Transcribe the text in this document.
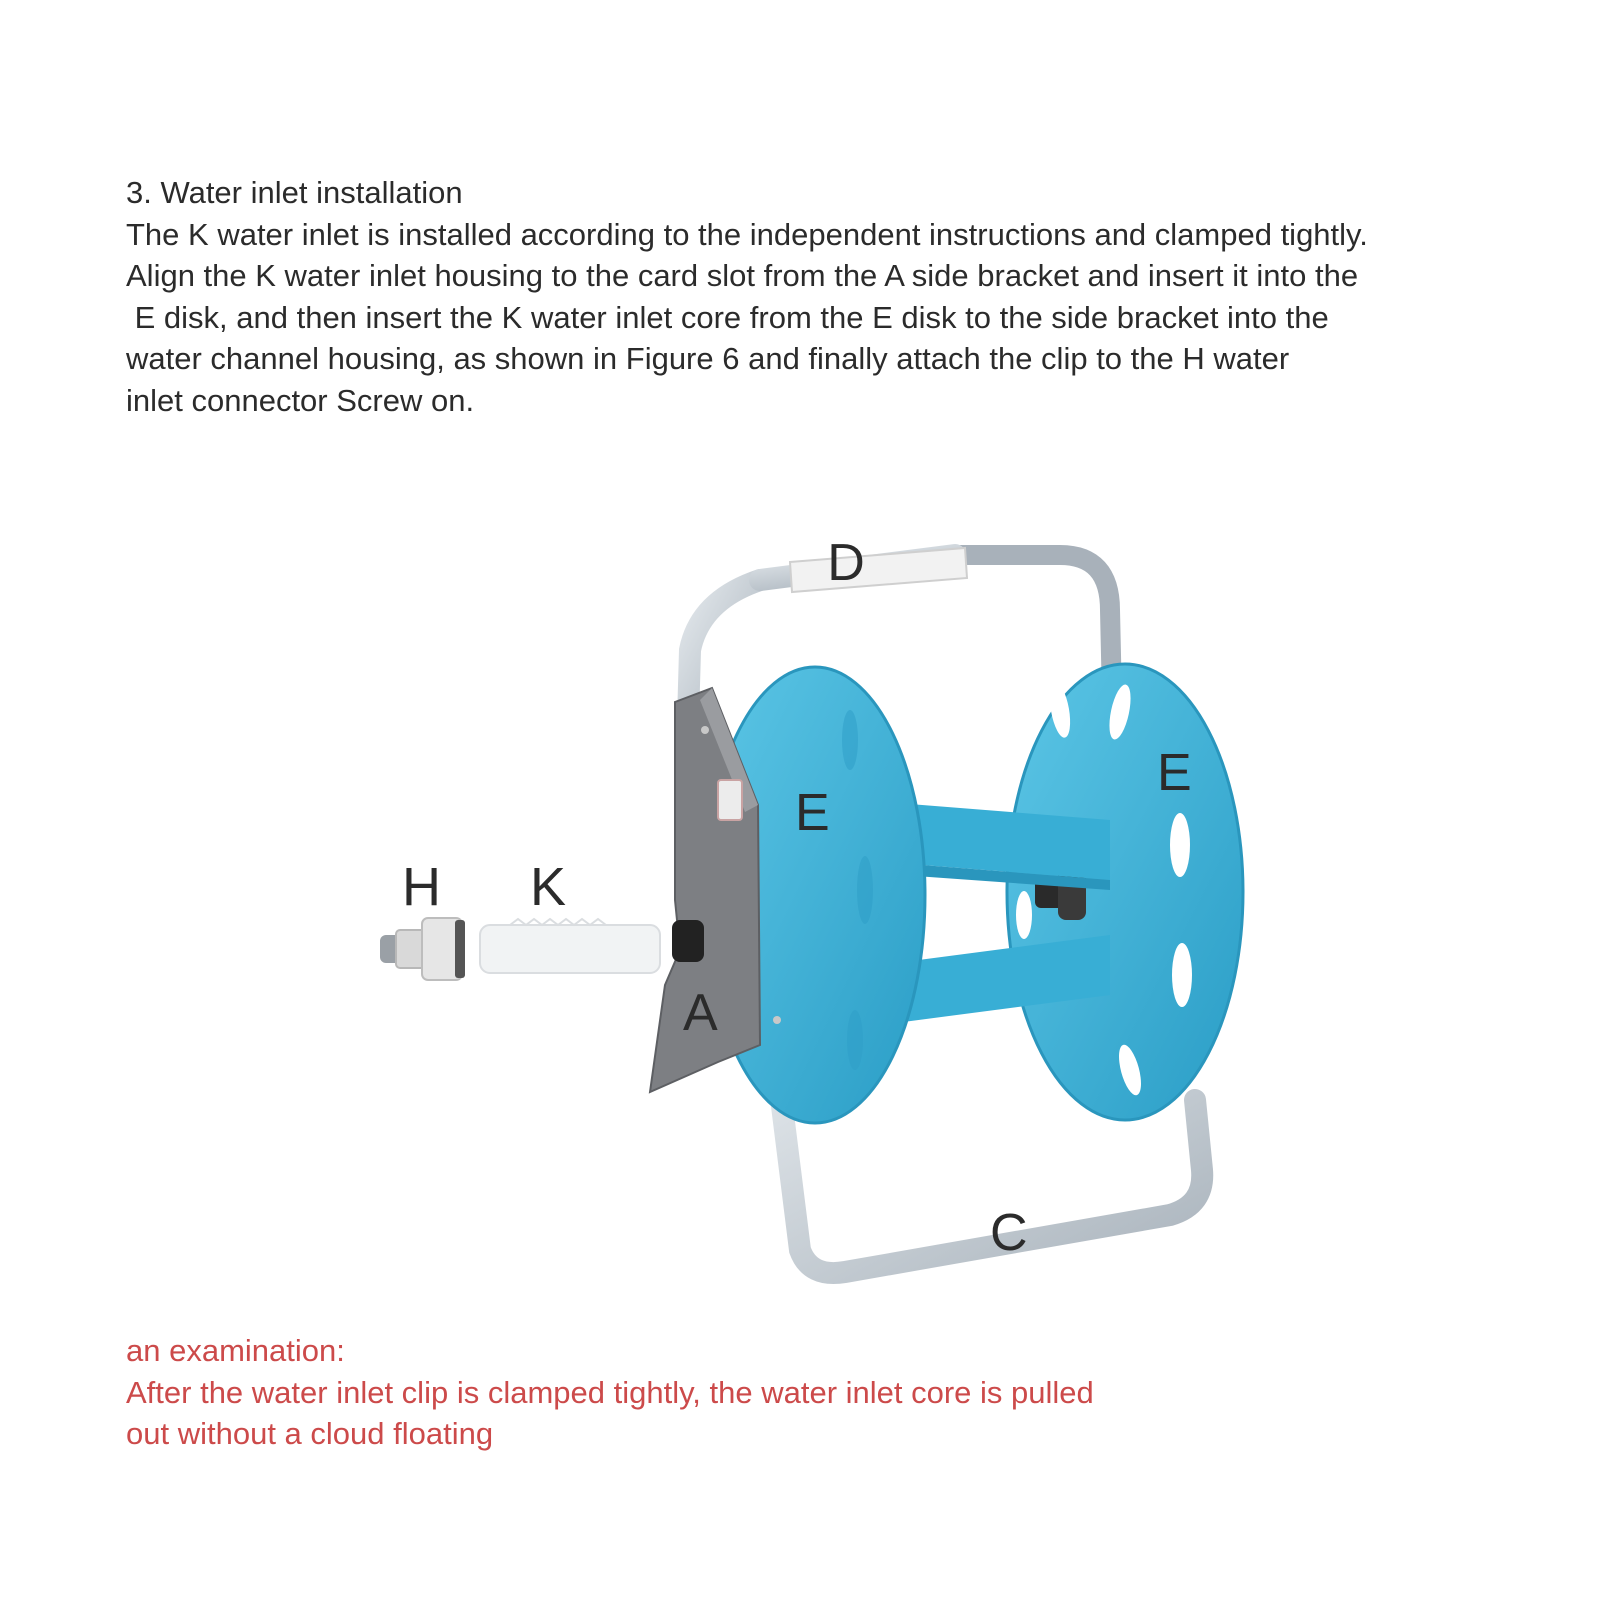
3. Water inlet installation
The K water inlet is installed according to the independent instructions and clamped tightly.
Align the K water inlet housing to the card slot from the A side bracket and insert it into the
E disk, and then insert the K water inlet core from the E disk to the side bracket into the
water channel housing, as shown in Figure 6 and finally attach the clip to the H water
inlet connector Screw on.
D
E
E
H K
A
C
an examination:
After the water inlet clip is clamped tightly, the water inlet core is pulled
out without a cloud floating
